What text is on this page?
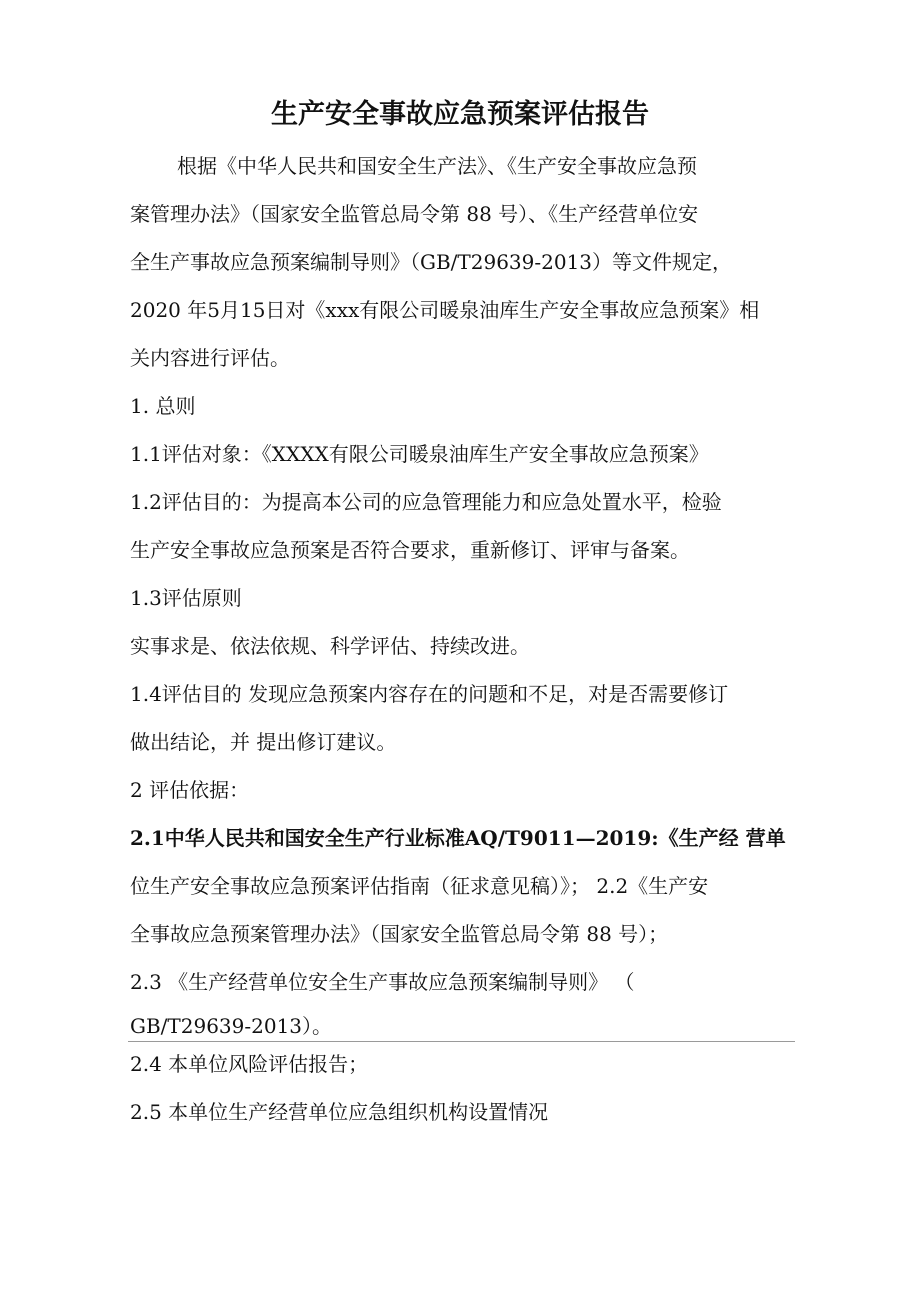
生产安全事故应急预案评估报告
根据《中华人民共和国安全生产法》、《生产安全事故应急预
案管理办法》（国家安全监管总局令第 88 号）、《生产经营单位安
全生产事故应急预案编制导则》（GB/T29639-2013）等文件规定，
2020 年5月15日对《xxx有限公司暖泉油库生产安全事故应急预案》相
关内容进行评估。
1. 总则
1.1评估对象：《XXXX有限公司暖泉油库生产安全事故应急预案》
1.2评估目的：为提高本公司的应急管理能力和应急处置水平，检验
生产安全事故应急预案是否符合要求，重新修订、评审与备案。
1.3评估原则
实事求是、依法依规、科学评估、持续改进。
1.4评估目的 发现应急预案内容存在的问题和不足，对是否需要修订
做出结论，并 提出修订建议。
2 评估依据：
2.1中华人民共和国安全生产行业标准AQ/T9011—2019:《生产经 营单
位生产安全事故应急预案评估指南（征求意见稿）》； 2.2《生产安
全事故应急预案管理办法》（国家安全监管总局令第 88 号）；
2.3 《生产经营单位安全生产事故应急预案编制导则》 （
GB/T29639-2013）。
2.4 本单位风险评估报告；
2.5 本单位生产经营单位应急组织机构设置情况
